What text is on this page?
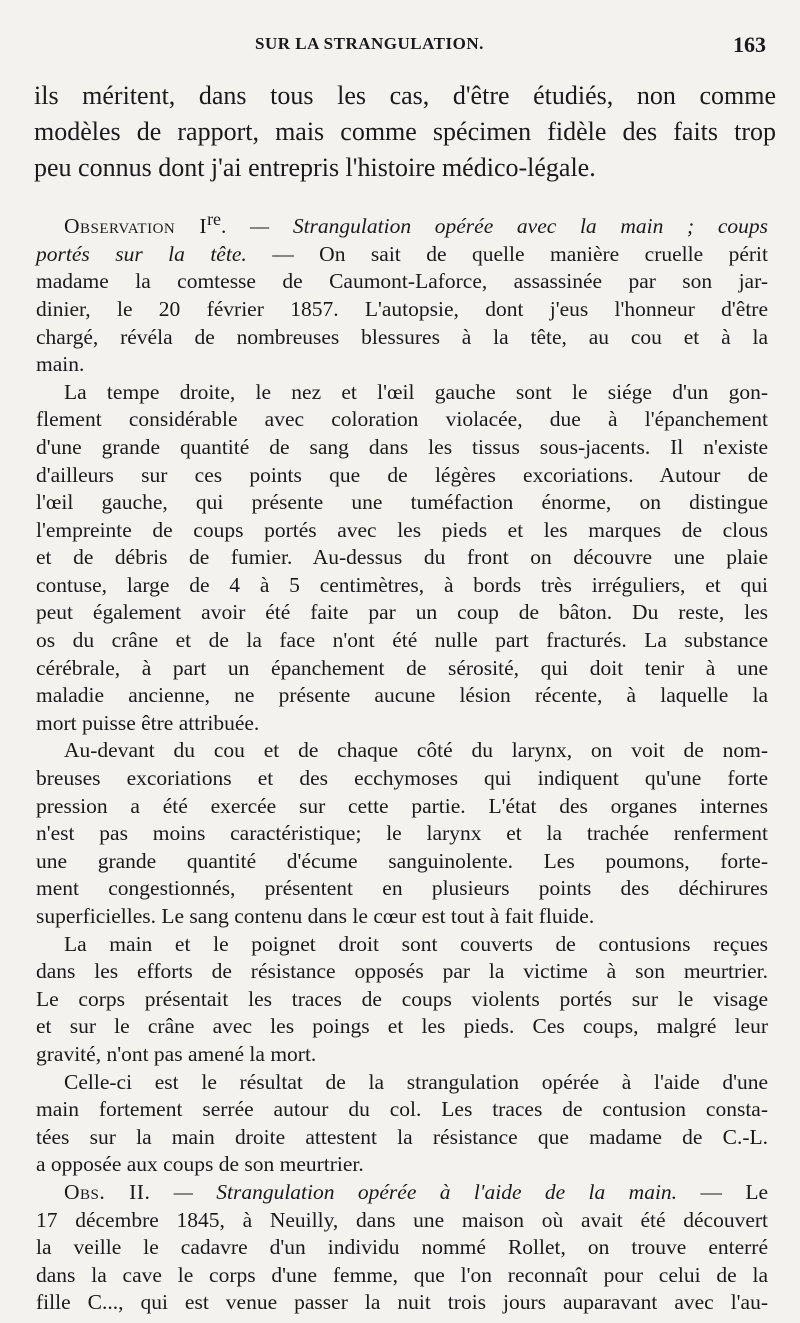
SUR LA STRANGULATION.	163
ils méritent, dans tous les cas, d'être étudiés, non comme
modèles de rapport, mais comme spécimen fidèle des faits trop
peu connus dont j'ai entrepris l'histoire médico-légale.

Observation Ire. — Strangulation opérée avec la main ; coups
portés sur la tête. — On sait de quelle manière cruelle périt
madame la comtesse de Caumont-Laforce, assassinée par son jar-
dinier, le 20 février 1857. L'autopsie, dont j'eus l'honneur d'être
chargé, révéla de nombreuses blessures à la tête, au cou et à la
main.

La tempe droite, le nez et l'œil gauche sont le siége d'un gon-
flement considérable avec coloration violacée, due à l'épanchement
d'une grande quantité de sang dans les tissus sous-jacents. Il n'existe
d'ailleurs sur ces points que de légères excoriations. Autour de
l'œil gauche, qui présente une tuméfaction énorme, on distingue
l'empreinte de coups portés avec les pieds et les marques de clous
et de débris de fumier. Au-dessus du front on découvre une plaie
contuse, large de 4 à 5 centimètres, à bords très irréguliers, et qui
peut également avoir été faite par un coup de bâton. Du reste, les
os du crâne et de la face n'ont été nulle part fracturés. La substance
cérébrale, à part un épanchement de sérosité, qui doit tenir à une
maladie ancienne, ne présente aucune lésion récente, à laquelle la
mort puisse être attribuée.

Au-devant du cou et de chaque côté du larynx, on voit de nom-
breuses excoriations et des ecchymoses qui indiquent qu'une forte
pression a été exercée sur cette partie. L'état des organes internes
n'est pas moins caractéristique; le larynx et la trachée renferment
une grande quantité d'écume sanguinolente. Les poumons, forte-
ment congestionnés, présentent en plusieurs points des déchirures
superficielles. Le sang contenu dans le cœur est tout à fait fluide.

La main et le poignet droit sont couverts de contusions reçues
dans les efforts de résistance opposés par la victime à son meurtrier.
Le corps présentait les traces de coups violents portés sur le visage
et sur le crâne avec les poings et les pieds. Ces coups, malgré leur
gravité, n'ont pas amené la mort.

Celle-ci est le résultat de la strangulation opérée à l'aide d'une
main fortement serrée autour du col. Les traces de contusion consta-
tées sur la main droite attestent la résistance que madame de C.-L.
a opposée aux coups de son meurtrier.

Obs. II. — Strangulation opérée à l'aide de la main. — Le
17 décembre 1845, à Neuilly, dans une maison où avait été découvert
la veille le cadavre d'un individu nommé Rollet, on trouve enterré
dans la cave le corps d'une femme, que l'on reconnaît pour celui de la
fille C..., qui est venue passer la nuit trois jours auparavant avec l'au-
